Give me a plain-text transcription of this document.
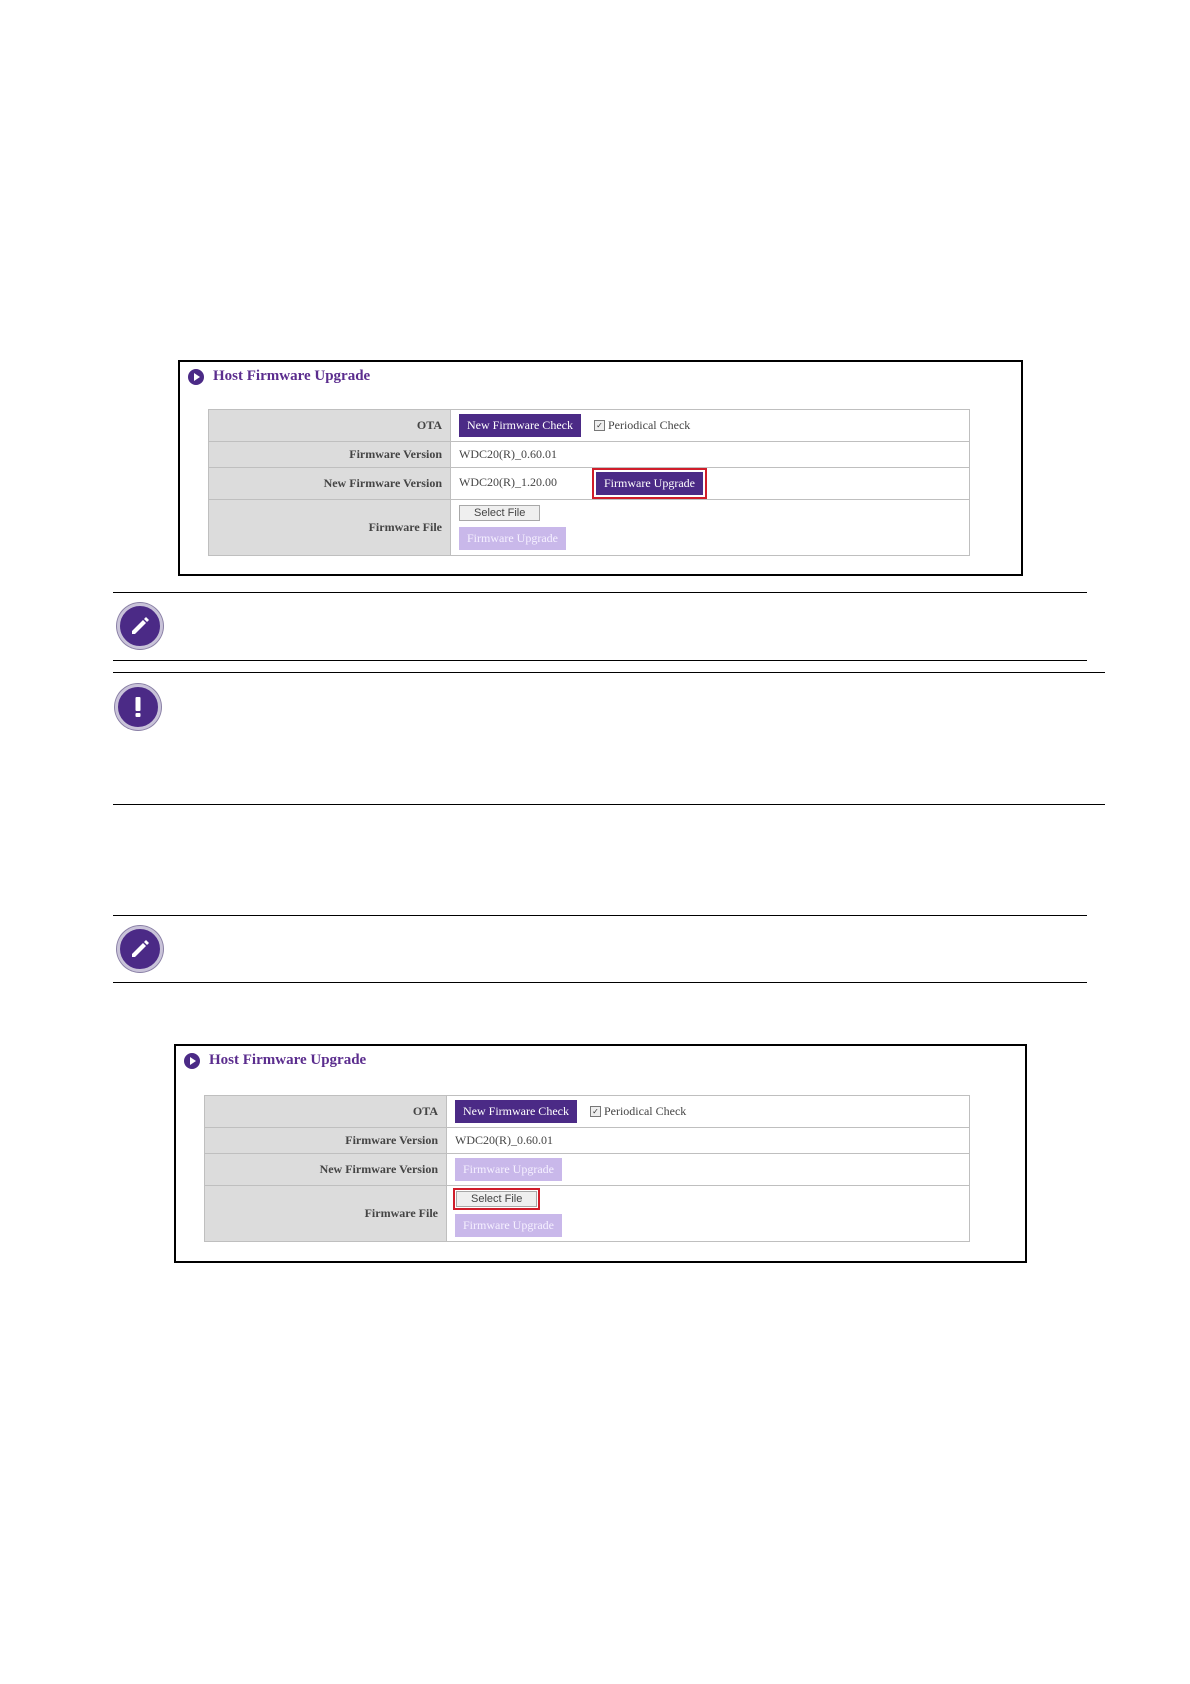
Host Firmware Upgrade
OTA	New Firmware Check ✓ Periodical Check

Firmware Version	WDC20(R)_0.60.01
New Firmware Version	WDC20(R)_1.20.00 Firmware Upgrade
Firmware File	Select File
Firmware Upgrade
Host Firmware Upgrade
OTA	New Firmware Check ✓ Periodical Check

Firmware Version	WDC20(R)_0.60.01
New Firmware Version	Firmware Upgrade
Firmware File	Select File
Firmware Upgrade
